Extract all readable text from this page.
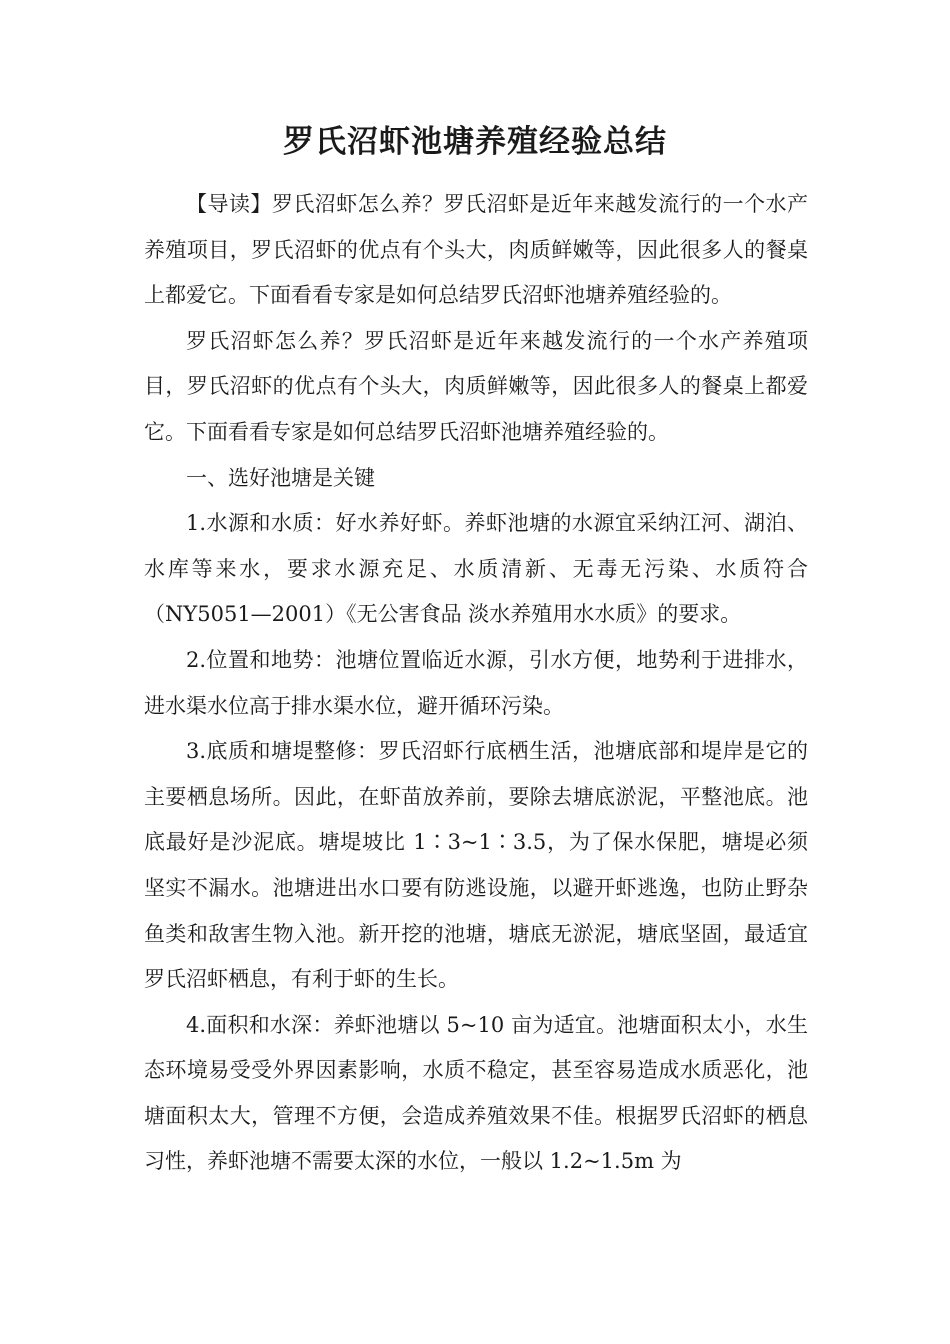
罗氏沼虾池塘养殖经验总结

【导读】罗氏沼虾怎么养？罗氏沼虾是近年来越发流行的一个水产养殖项目，罗氏沼虾的优点有个头大，肉质鲜嫩等，因此很多人的餐桌上都爱它。下面看看专家是如何总结罗氏沼虾池塘养殖经验的。

罗氏沼虾怎么养？罗氏沼虾是近年来越发流行的一个水产养殖项目，罗氏沼虾的优点有个头大，肉质鲜嫩等，因此很多人的餐桌上都爱它。下面看看专家是如何总结罗氏沼虾池塘养殖经验的。

一、选好池塘是关键

1.水源和水质：好水养好虾。养虾池塘的水源宜采纳江河、湖泊、水库等来水，要求水源充足、水质清新、无毒无污染、水质符合（NY5051—2001）《无公害食品 淡水养殖用水水质》的要求。

2.位置和地势：池塘位置临近水源，引水方便，地势利于进排水，进水渠水位高于排水渠水位，避开循环污染。

3.底质和塘堤整修：罗氏沼虾行底栖生活，池塘底部和堤岸是它的主要栖息场所。因此，在虾苗放养前，要除去塘底淤泥，平整池底。池底最好是沙泥底。塘堤坡比 1∶3~1∶3.5，为了保水保肥，塘堤必须坚实不漏水。池塘进出水口要有防逃设施，以避开虾逃逸，也防止野杂鱼类和敌害生物入池。新开挖的池塘，塘底无淤泥，塘底坚固，最适宜罗氏沼虾栖息，有利于虾的生长。

4.面积和水深：养虾池塘以 5~10 亩为适宜。池塘面积太小，水生态环境易受受外界因素影响，水质不稳定，甚至容易造成水质恶化，池塘面积太大，管理不方便，会造成养殖效果不佳。根据罗氏沼虾的栖息习性，养虾池塘不需要太深的水位，一般以 1.2~1.5m 为
